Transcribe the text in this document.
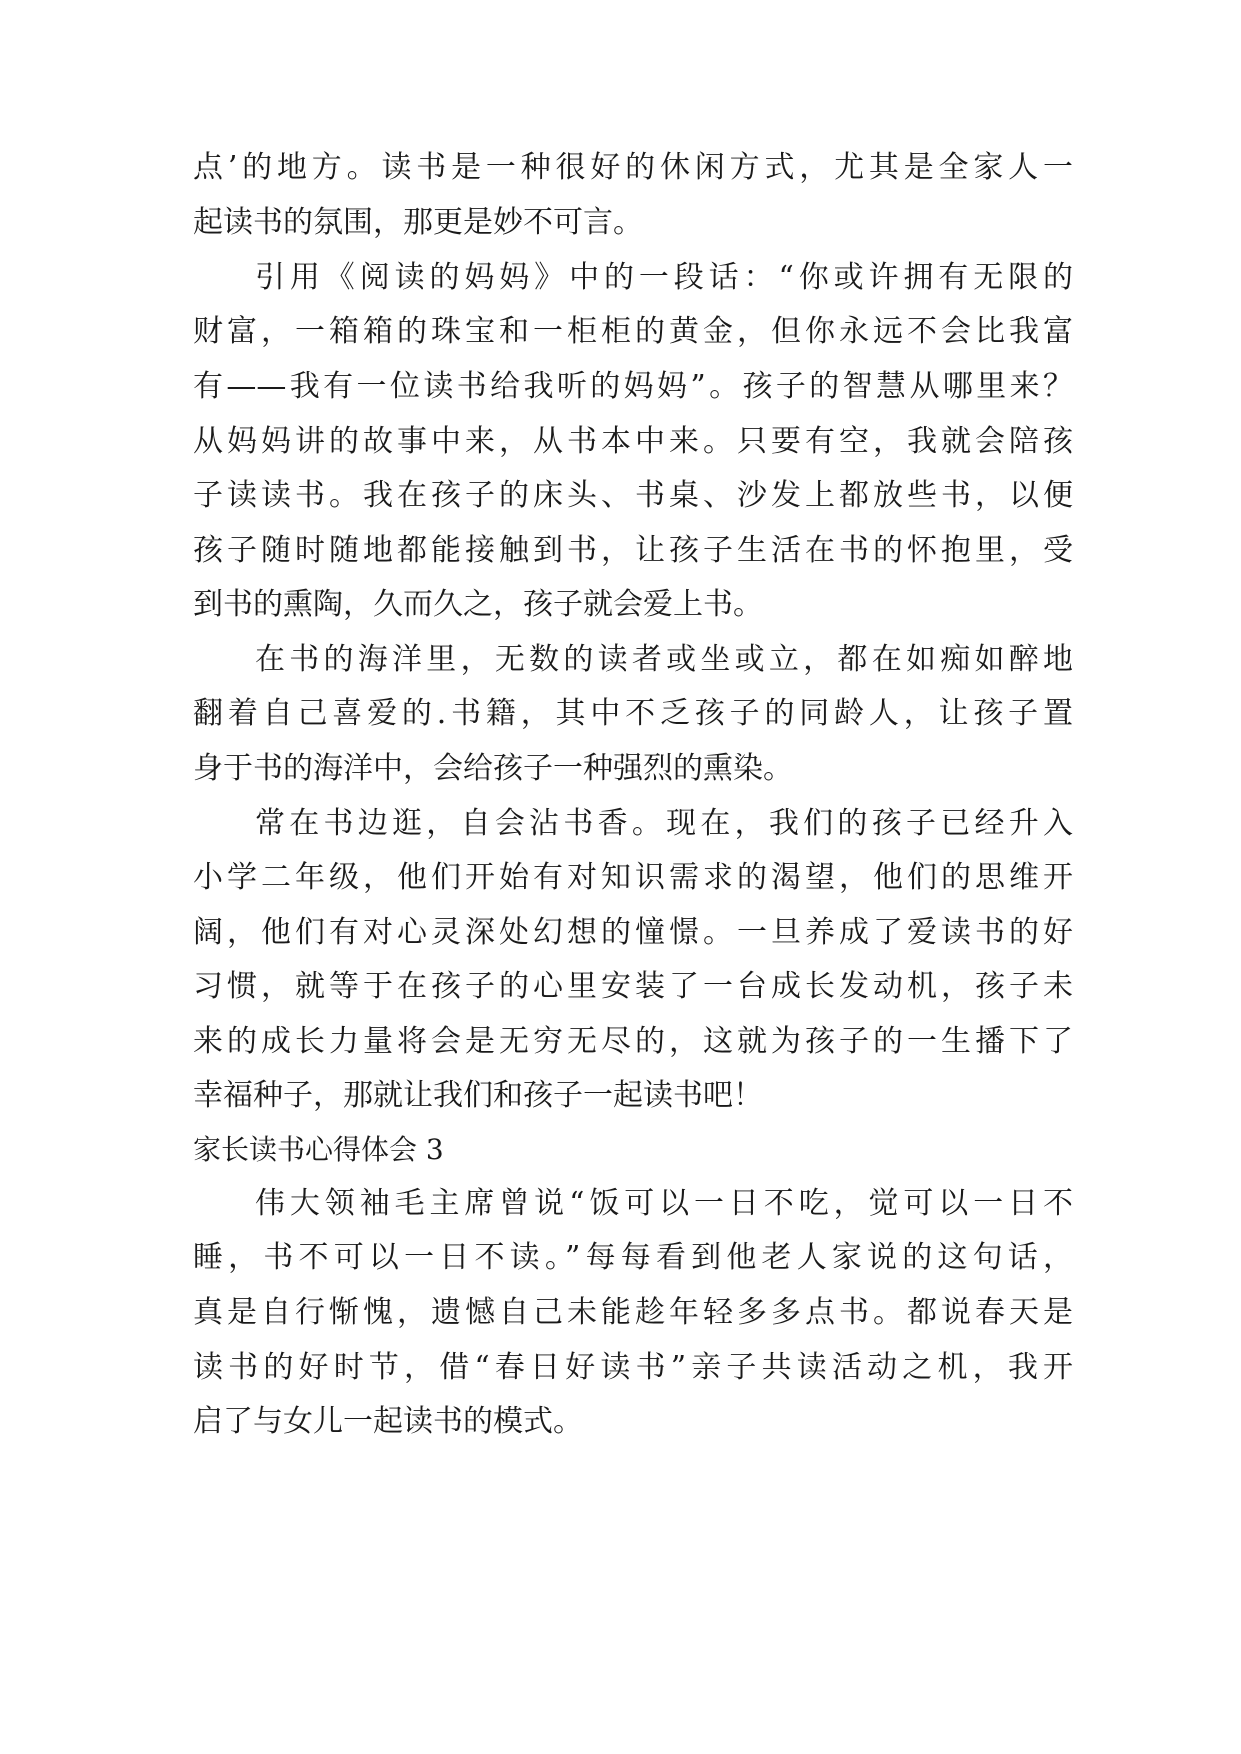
点’的地方。读书是一种很好的休闲方式，尤其是全家人一
起读书的氛围，那更是妙不可言。
引用《阅读的妈妈》中的一段话：“你或许拥有无限的
财富，一箱箱的珠宝和一柜柜的黄金，但你永远不会比我富
有——我有一位读书给我听的妈妈”。孩子的智慧从哪里来？
从妈妈讲的故事中来，从书本中来。只要有空，我就会陪孩
子读读书。我在孩子的床头、书桌、沙发上都放些书，以便
孩子随时随地都能接触到书，让孩子生活在书的怀抱里，受
到书的熏陶，久而久之，孩子就会爱上书。
在书的海洋里，无数的读者或坐或立，都在如痴如醉地
翻着自己喜爱的.书籍，其中不乏孩子的同龄人，让孩子置
身于书的海洋中，会给孩子一种强烈的熏染。
常在书边逛，自会沾书香。现在，我们的孩子已经升入
小学二年级，他们开始有对知识需求的渴望，他们的思维开
阔，他们有对心灵深处幻想的憧憬。一旦养成了爱读书的好
习惯，就等于在孩子的心里安装了一台成长发动机，孩子未
来的成长力量将会是无穷无尽的，这就为孩子的一生播下了
幸福种子，那就让我们和孩子一起读书吧！
家长读书心得体会 3
伟大领袖毛主席曾说“饭可以一日不吃，觉可以一日不
睡，书不可以一日不读。”每每看到他老人家说的这句话，
真是自行惭愧，遗憾自己未能趁年轻多多点书。都说春天是
读书的好时节，借“春日好读书”亲子共读活动之机，我开
启了与女儿一起读书的模式。
